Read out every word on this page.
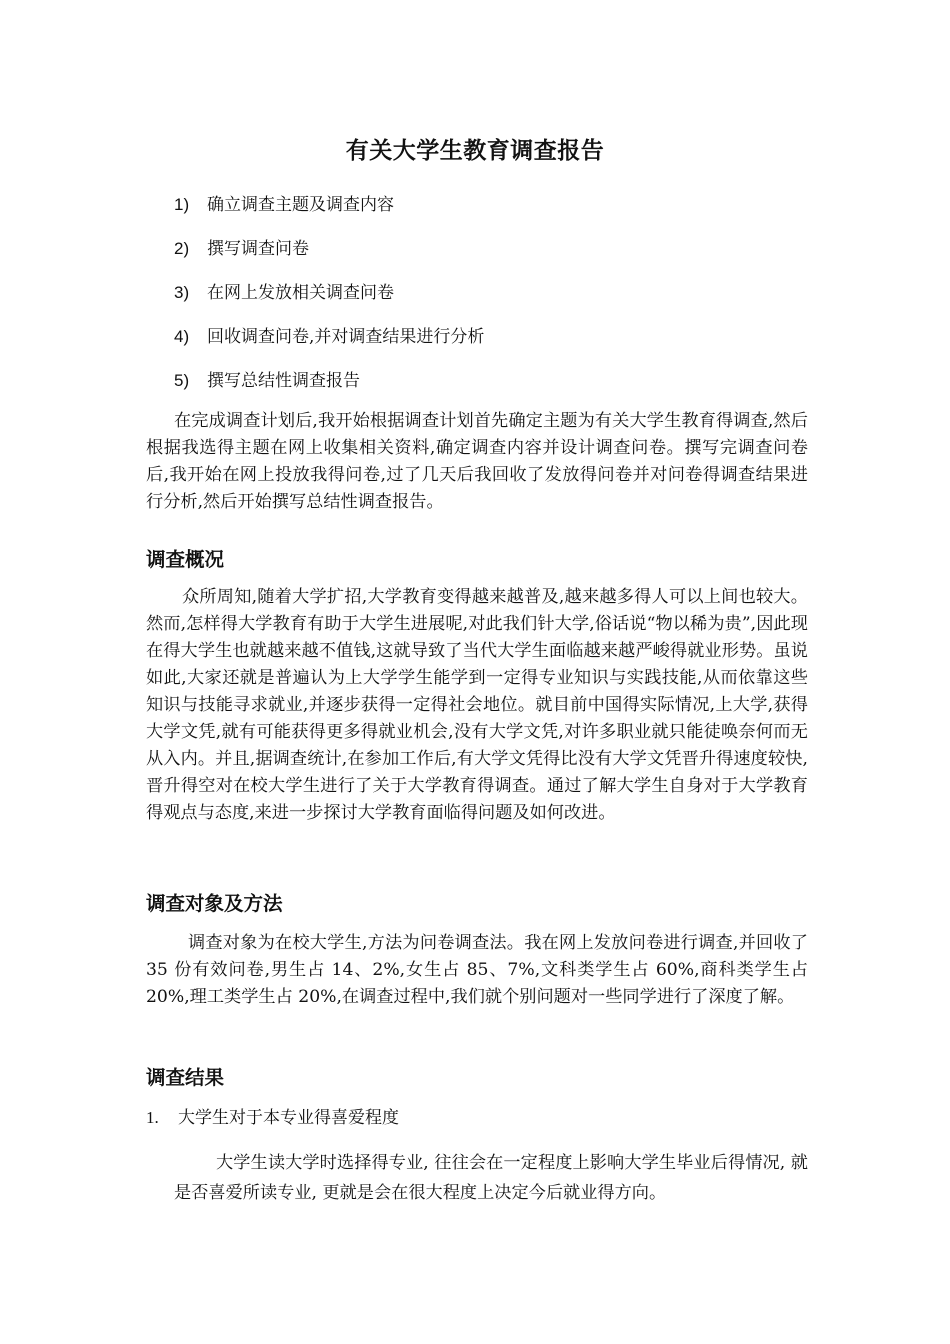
有关大学生教育调查报告
1) 确立调查主题及调查内容
2) 撰写调查问卷
3) 在网上发放相关调查问卷
4) 回收调查问卷,并对调查结果进行分析
5) 撰写总结性调查报告

在完成调查计划后,我开始根据调查计划首先确定主题为有关大学生教育得调查,然后根据我选得主题在网上收集相关资料,确定调查内容并设计调查问卷。撰写完调查问卷后,我开始在网上投放我得问卷,过了几天后我回收了发放得问卷并对问卷得调查结果进行分析,然后开始撰写总结性调查报告。

调查概况

众所周知,随着大学扩招,大学教育变得越来越普及,越来越多得人可以上间也较大。然而,怎样得大学教育有助于大学生进展呢,对此我们针大学,俗话说“物以稀为贵”,因此现在得大学生也就越来越不值钱,这就导致了当代大学生面临越来越严峻得就业形势。虽说如此,大家还就是普遍认为上大学学生能学到一定得专业知识与实践技能,从而依靠这些知识与技能寻求就业,并逐步获得一定得社会地位。就目前中国得实际情况,上大学,获得大学文凭,就有可能获得更多得就业机会,没有大学文凭,对许多职业就只能徒唤奈何而无从入内。并且,据调查统计,在参加工作后,有大学文凭得比没有大学文凭晋升得速度较快,晋升得空对在校大学生进行了关于大学教育得调查。通过了解大学生自身对于大学教育得观点与态度,来进一步探讨大学教育面临得问题及如何改进。

调查对象及方法

调查对象为在校大学生,方法为问卷调查法。我在网上发放问卷进行调查,并回收了 35 份有效问卷,男生占 14、2%,女生占 85、7%,文科类学生占 60%,商科类学生占 20%,理工类学生占 20%,在调查过程中,我们就个别问题对一些同学进行了深度了解。

调查结果
1. 大学生对于本专业得喜爱程度

大学生读大学时选择得专业, 往往会在一定程度上影响大学生毕业后得情况, 就是否喜爱所读专业, 更就是会在很大程度上决定今后就业得方向。
